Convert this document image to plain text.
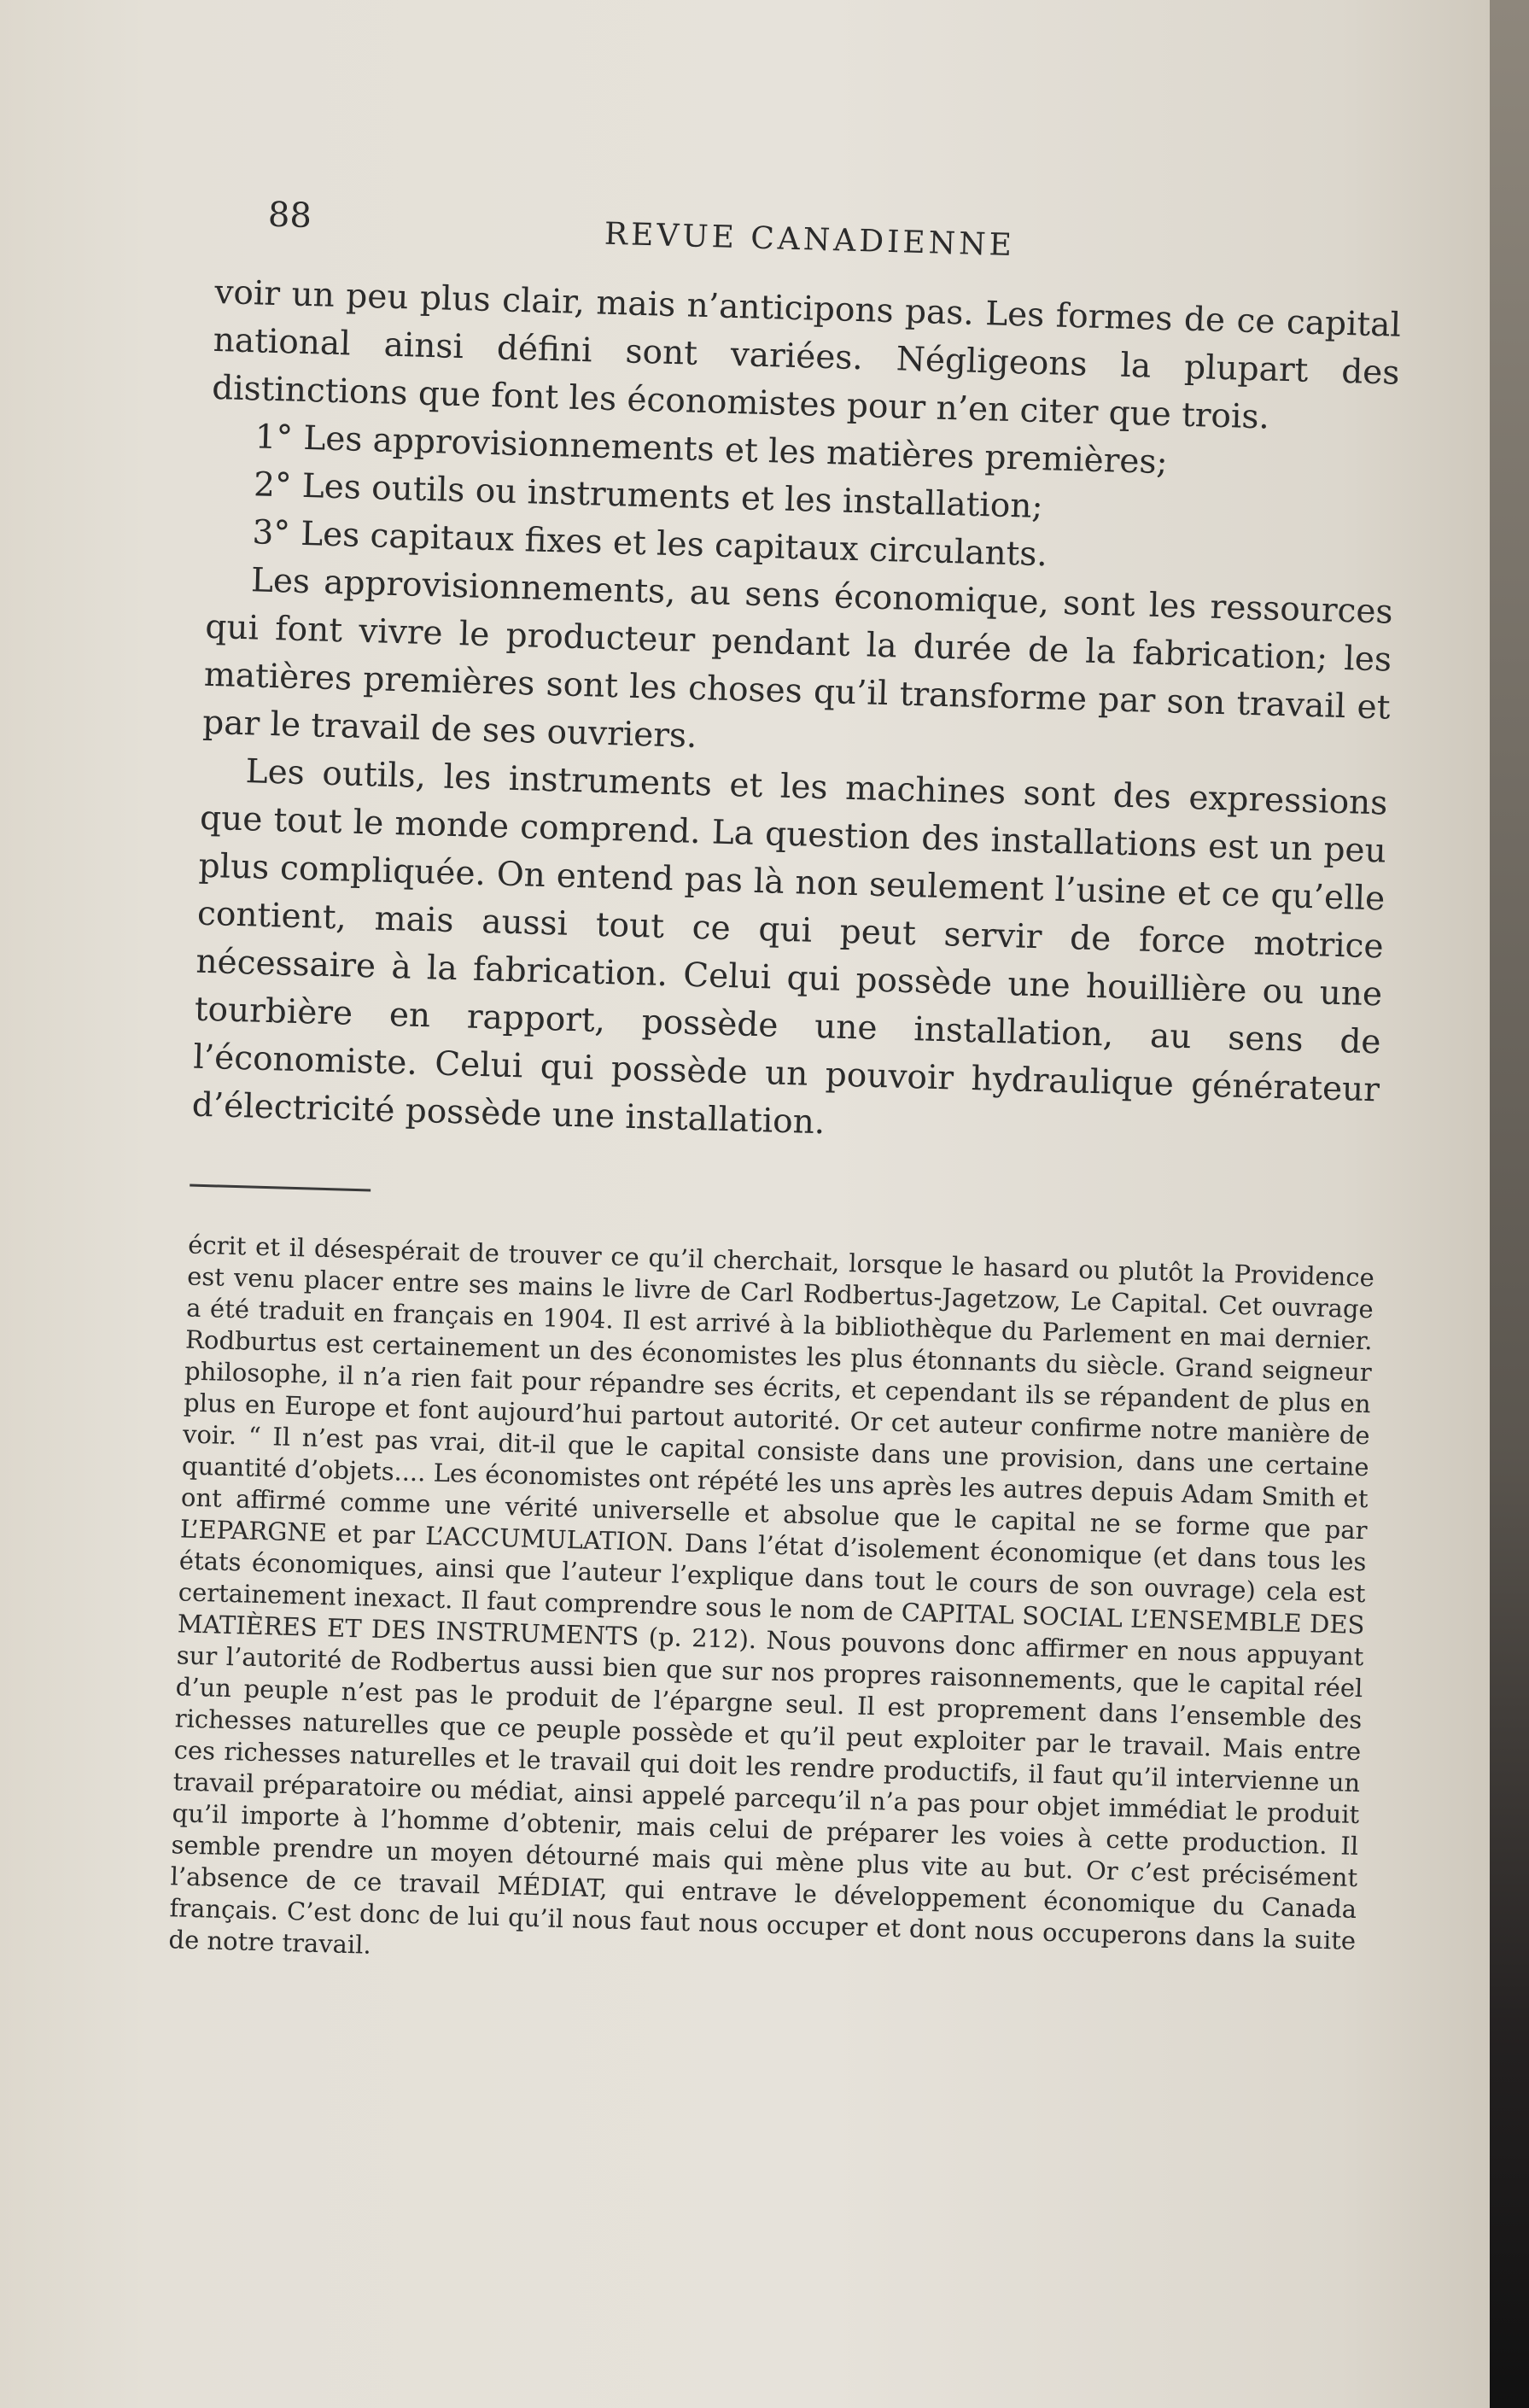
88
REVUE CANADIENNE

voir un peu plus clair, mais n’anticipons pas. Les formes de ce capital national ainsi défini sont variées. Négligeons la plupart des distinctions que font les économistes pour n’en citer que trois.

1° Les approvisionnements et les matières premières;

2° Les outils ou instruments et les installation;

3° Les capitaux fixes et les capitaux circulants.

Les approvisionnements, au sens économique, sont les ressources qui font vivre le producteur pendant la durée de la fabrication; les matières premières sont les choses qu’il transforme par son travail et par le travail de ses ouvriers.

Les outils, les instruments et les machines sont des expressions que tout le monde comprend. La question des installations est un peu plus compliquée. On entend pas là non seulement l’usine et ce qu’elle contient, mais aussi tout ce qui peut servir de force motrice nécessaire à la fabrication. Celui qui possède une houillière ou une tourbière en rapport, possède une installation, au sens de l’économiste. Celui qui possède un pouvoir hydraulique générateur d’électricité possède une installation.

écrit et il désespérait de trouver ce qu’il cherchait, lorsque le hasard ou plutôt la Providence est venu placer entre ses mains le livre de Carl Rodbertus-Jagetzow, Le Capital. Cet ouvrage a été traduit en français en 1904. Il est arrivé à la bibliothèque du Parlement en mai dernier. Rodburtus est certainement un des économistes les plus étonnants du siècle. Grand seigneur philosophe, il n’a rien fait pour répandre ses écrits, et cependant ils se répandent de plus en plus en Europe et font aujourd’hui partout autorité. Or cet auteur confirme notre manière de voir. “ Il n’est pas vrai, dit-il que le capital consiste dans une provision, dans une certaine quantité d’objets.... Les économistes ont répété les uns après les autres depuis Adam Smith et ont affirmé comme une vérité universelle et absolue que le capital ne se forme que par L’EPARGNE et par L’ACCUMULATION. Dans l’état d’isolement économique (et dans tous les états économiques, ainsi que l’auteur l’explique dans tout le cours de son ouvrage) cela est certainement inexact. Il faut comprendre sous le nom de CAPITAL SOCIAL L’ENSEMBLE DES MATIÈRES ET DES INSTRUMENTS (p. 212). Nous pouvons donc affirmer en nous appuyant sur l’autorité de Rodbertus aussi bien que sur nos propres raisonnements, que le capital réel d’un peuple n’est pas le produit de l’épargne seul. Il est proprement dans l’ensemble des richesses naturelles que ce peuple possède et qu’il peut exploiter par le travail. Mais entre ces richesses naturelles et le travail qui doit les rendre productifs, il faut qu’il intervienne un travail préparatoire ou médiat, ainsi appelé parcequ’il n’a pas pour objet immédiat le produit qu’il importe à l’homme d’obtenir, mais celui de préparer les voies à cette production. Il semble prendre un moyen détourné mais qui mène plus vite au but. Or c’est précisément l’absence de ce travail MÉDIAT, qui entrave le développement économique du Canada français. C’est donc de lui qu’il nous faut nous occuper et dont nous occuperons dans la suite de notre travail.
